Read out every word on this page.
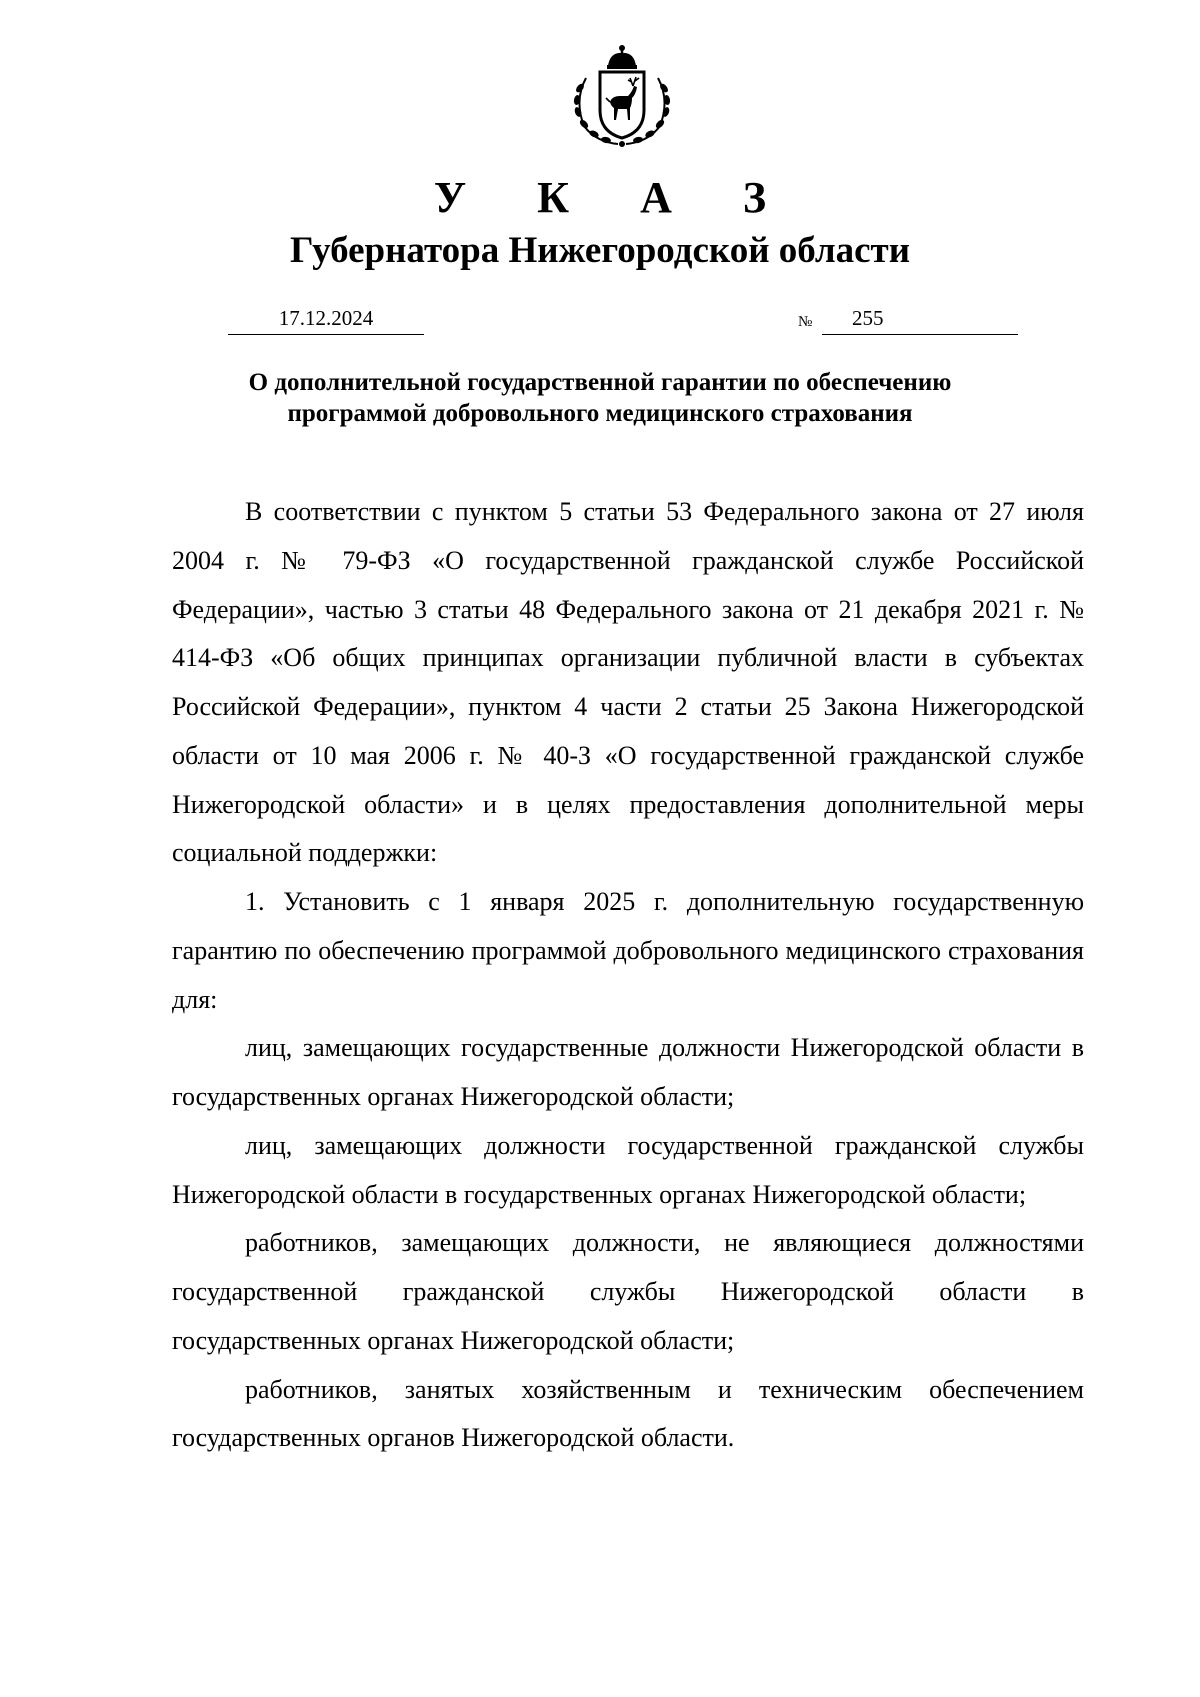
У К А З
Губернатора Нижегородской области
17.12.2024	№ 255
О дополнительной государственной гарантии по обеспечению
программой добровольного медицинского страхования

В соответствии с пунктом 5 статьи 53 Федерального закона от 27 июля 2004 г. № 79-ФЗ «О государственной гражданской службе Российской Федерации», частью 3 статьи 48 Федерального закона от 21 декабря 2021 г. № 414-ФЗ «Об общих принципах организации публичной власти в субъектах Российской Федерации», пунктом 4 части 2 статьи 25 Закона Нижегородской области от 10 мая 2006 г. № 40-З «О государственной гражданской службе Нижегородской области» и в целях предоставления дополнительной меры социальной поддержки:

1. Установить с 1 января 2025 г. дополнительную государственную гарантию по обеспечению программой добровольного медицинского страхования для:

лиц, замещающих государственные должности Нижегородской области в государственных органах Нижегородской области;

лиц, замещающих должности государственной гражданской службы Нижегородской области в государственных органах Нижегородской области;

работников, замещающих должности, не являющиеся должностями государственной гражданской службы Нижегородской области в государственных органах Нижегородской области;

работников, занятых хозяйственным и техническим обеспечением государственных органов Нижегородской области.
